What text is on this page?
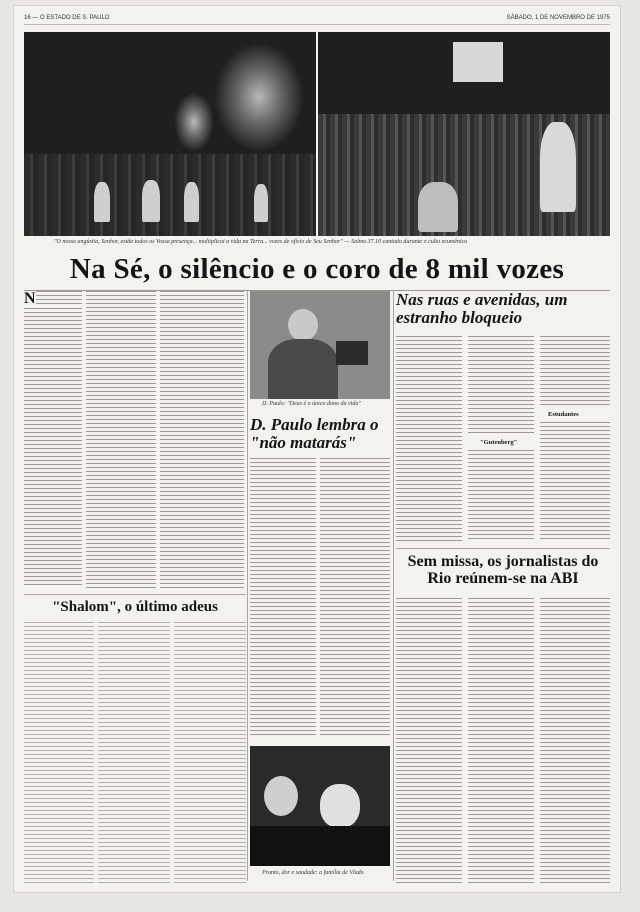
16 — O ESTADO DE S. PAULO	SÁBADO, 1 DE NOVEMBRO DE 1975
"O nosso angústia, Senhor, estão todos os Vossa presença... multiplicai a vida na Terra... vozes de ofício de Seu Senhor" — Salmo 37.10 cantado durante o culto ecumênico
Na Sé, o silêncio e o coro de 8 mil vozes
N
"Shalom", o último adeus
D. Paulo: "Deus é o único dono da vida"
D. Paulo lembra o "não matarás"
Pranto, dor e saudade: a família de Vlado
Nas ruas e avenidas, um estranho bloqueio
"Gutenberg"
Estudantes
Sem missa, os jornalistas do Rio reúnem-se na ABI
